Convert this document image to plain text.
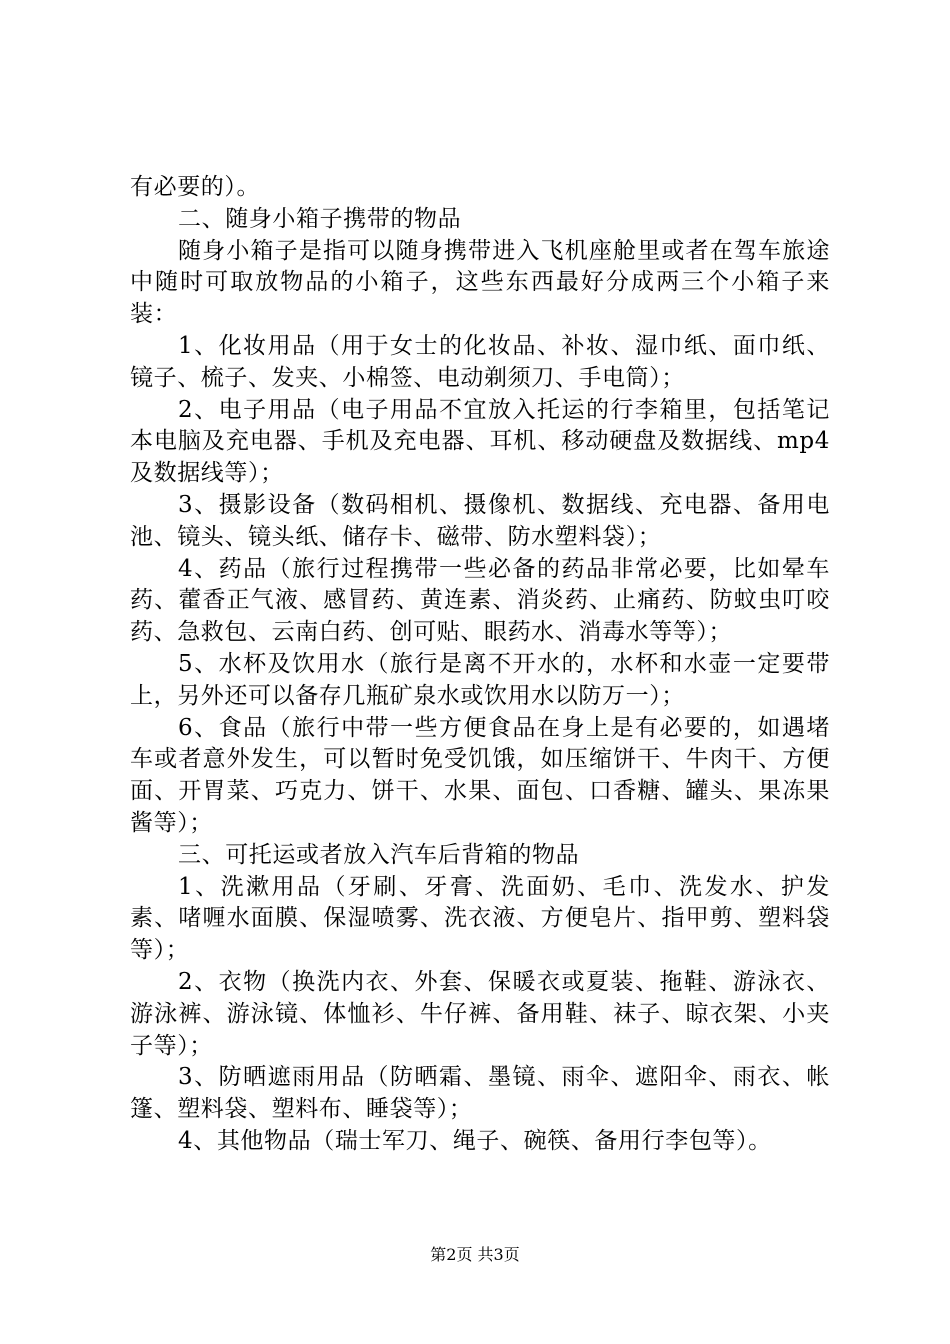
有必要的）。

二、随身小箱子携带的物品

随身小箱子是指可以随身携带进入飞机座舱里或者在驾车旅途中随时可取放物品的小箱子，这些东西最好分成两三个小箱子来装：

1、化妆用品（用于女士的化妆品、补妆、湿巾纸、面巾纸、镜子、梳子、发夹、小棉签、电动剃须刀、手电筒）；

2、电子用品（电子用品不宜放入托运的行李箱里，包括笔记本电脑及充电器、手机及充电器、耳机、移动硬盘及数据线、mp4及数据线等）；

3、摄影设备（数码相机、摄像机、数据线、充电器、备用电池、镜头、镜头纸、储存卡、磁带、防水塑料袋）；

4、药品（旅行过程携带一些必备的药品非常必要，比如晕车药、藿香正气液、感冒药、黄连素、消炎药、止痛药、防蚊虫叮咬药、急救包、云南白药、创可贴、眼药水、消毒水等等）；

5、水杯及饮用水（旅行是离不开水的，水杯和水壶一定要带上，另外还可以备存几瓶矿泉水或饮用水以防万一）；

6、食品（旅行中带一些方便食品在身上是有必要的，如遇堵车或者意外发生，可以暂时免受饥饿，如压缩饼干、牛肉干、方便面、开胃菜、巧克力、饼干、水果、面包、口香糖、罐头、果冻果酱等）；

三、可托运或者放入汽车后背箱的物品

1、洗漱用品（牙刷、牙膏、洗面奶、毛巾、洗发水、护发素、啫喱水面膜、保湿喷雾、洗衣液、方便皂片、指甲剪、塑料袋等）；

2、衣物（换洗内衣、外套、保暖衣或夏装、拖鞋、游泳衣、游泳裤、游泳镜、体恤衫、牛仔裤、备用鞋、袜子、晾衣架、小夹子等）；

3、防晒遮雨用品（防晒霜、墨镜、雨伞、遮阳伞、雨衣、帐篷、塑料袋、塑料布、睡袋等）；

4、其他物品（瑞士军刀、绳子、碗筷、备用行李包等）。

第2页 共3页
